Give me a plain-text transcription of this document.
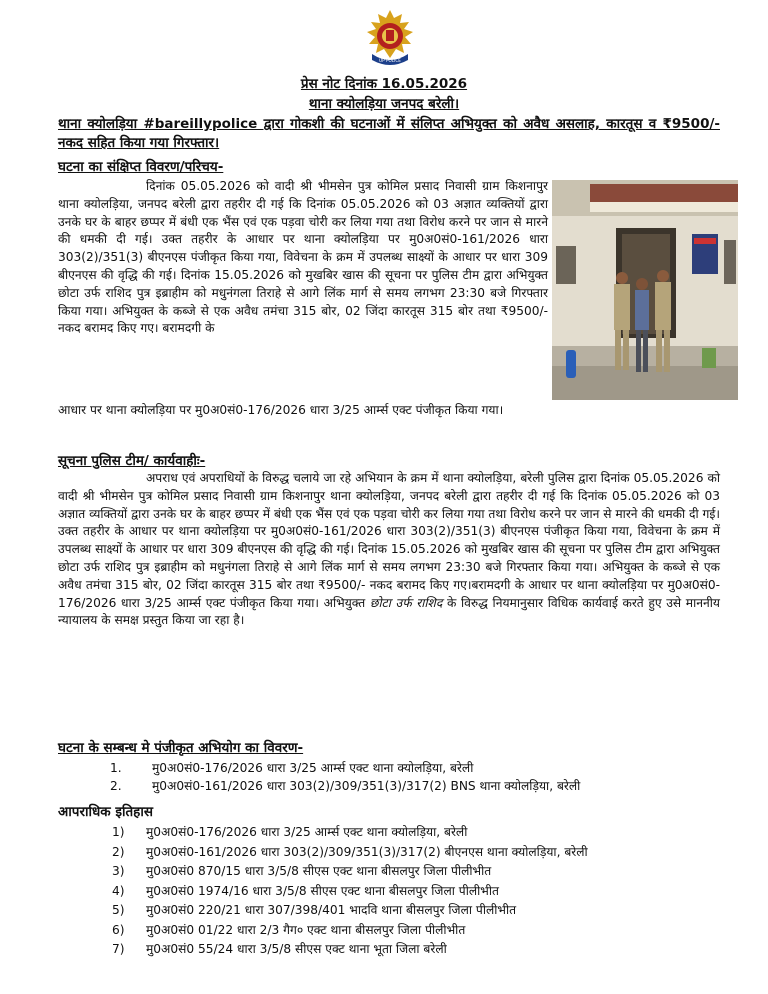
UP POLICE
प्रेस नोट दिनांक 16.05.2026
थाना क्योलड़िया जनपद बरेली।
थाना क्योलड़िया #bareillypolice द्वारा गोकशी की घटनाओं में संलिप्त अभियुक्त को अवैध असलाह, कारतूस व ₹9500/- नकद सहित किया गया गिरफ्तार।
घटना का संक्षिप्त विवरण/परिचय-
दिनांक 05.05.2026 को वादी श्री भीमसेन पुत्र कोमिल प्रसाद निवासी ग्राम किशनापुर थाना क्योलड़िया, जनपद बरेली द्वारा तहरीर दी गई कि दिनांक 05.05.2026 को 03 अज्ञात व्यक्तियों द्वारा उनके घर के बाहर छप्पर में बंधी एक भैंस एवं एक पड़वा चोरी कर लिया गया तथा विरोध करने पर जान से मारने की धमकी दी गई। उक्त तहरीर के आधार पर थाना क्योलड़िया पर मु0अ0सं0-161/2026 धारा 303(2)/351(3) बीएनएस पंजीकृत किया गया, विवेचना के क्रम में उपलब्ध साक्ष्यों के आधार पर धारा 309 बीएनएस की वृद्धि की गई। दिनांक 15.05.2026 को मुखबिर खास की सूचना पर पुलिस टीम द्वारा अभियुक्त छोटा उर्फ राशिद पुत्र इब्राहीम को मधुनंगला तिराहे से आगे लिंक मार्ग से समय लगभग 23:30 बजे गिरफ्तार किया गया। अभियुक्त के कब्जे से एक अवैध तमंचा 315 बोर, 02 जिंदा कारतूस 315 बोर तथा ₹9500/- नकद बरामद किए गए। बरामदगी के
आधार पर थाना क्योलड़िया पर मु0अ0सं0-176/2026 धारा 3/25 आर्म्स एक्ट पंजीकृत किया गया।
सूचना पुलिस टीम/ कार्यवाहीः-
अपराध एवं अपराधियों के विरुद्ध चलाये जा रहे अभियान के क्रम में थाना क्योलड़िया, बरेली पुलिस द्वारा दिनांक 05.05.2026 को वादी श्री भीमसेन पुत्र कोमिल प्रसाद निवासी ग्राम किशनापुर थाना क्योलड़िया, जनपद बरेली द्वारा तहरीर दी गई कि दिनांक 05.05.2026 को 03 अज्ञात व्यक्तियों द्वारा उनके घर के बाहर छप्पर में बंधी एक भैंस एवं एक पड़वा चोरी कर लिया गया तथा विरोध करने पर जान से मारने की धमकी दी गई। उक्त तहरीर के आधार पर थाना क्योलड़िया पर मु0अ0सं0-161/2026 धारा 303(2)/351(3) बीएनएस पंजीकृत किया गया, विवेचना के क्रम में उपलब्ध साक्ष्यों के आधार पर धारा 309 बीएनएस की वृद्धि की गई। दिनांक 15.05.2026 को मुखबिर खास की सूचना पर पुलिस टीम द्वारा अभियुक्त छोटा उर्फ राशिद पुत्र इब्राहीम को मधुनंगला तिराहे से आगे लिंक मार्ग से समय लगभग 23:30 बजे गिरफ्तार किया गया। अभियुक्त के कब्जे से एक अवैध तमंचा 315 बोर, 02 जिंदा कारतूस 315 बोर तथा ₹9500/- नकद बरामद किए गए।बरामदगी के आधार पर थाना क्योलड़िया पर मु0अ0सं0-176/2026 धारा 3/25 आर्म्स एक्ट पंजीकृत किया गया। अभियुक्त छोटा उर्फ राशिद के विरुद्ध नियमानुसार विधिक कार्यवाई करते हुए उसे माननीय न्यायालय के समक्ष प्रस्तुत किया जा रहा है।
घटना के सम्बन्ध मे पंजीकृत अभियोग का विवरण-
1.	मु0अ0सं0-176/2026 धारा 3/25 आर्म्स एक्ट थाना क्योलड़िया, बरेली
2.	मु0अ0सं0-161/2026 धारा 303(2)/309/351(3)/317(2) BNS थाना क्योलड़िया, बरेली
आपराधिक इतिहास
1)	मु0अ0सं0-176/2026 धारा 3/25 आर्म्स एक्ट थाना क्योलड़िया, बरेली
2)	मु0अ0सं0-161/2026 धारा 303(2)/309/351(3)/317(2) बीएनएस थाना क्योलड़िया, बरेली
3)	मु0अ0सं0 870/15 धारा 3/5/8 सीएस एक्ट थाना बीसलपुर जिला पीलीभीत
4)	मु0अ0सं0 1974/16 धारा 3/5/8 सीएस एक्ट थाना बीसलपुर जिला पीलीभीत
5)	मु0अ0सं0 220/21 धारा 307/398/401 भादवि थाना बीसलपुर जिला पीलीभीत
6)	मु0अ0सं0 01/22 धारा 2/3 गैग० एक्ट थाना बीसलपुर जिला पीलीभीत
7)	मु0अ0सं0 55/24 धारा 3/5/8 सीएस एक्ट थाना भूता जिला बरेली
